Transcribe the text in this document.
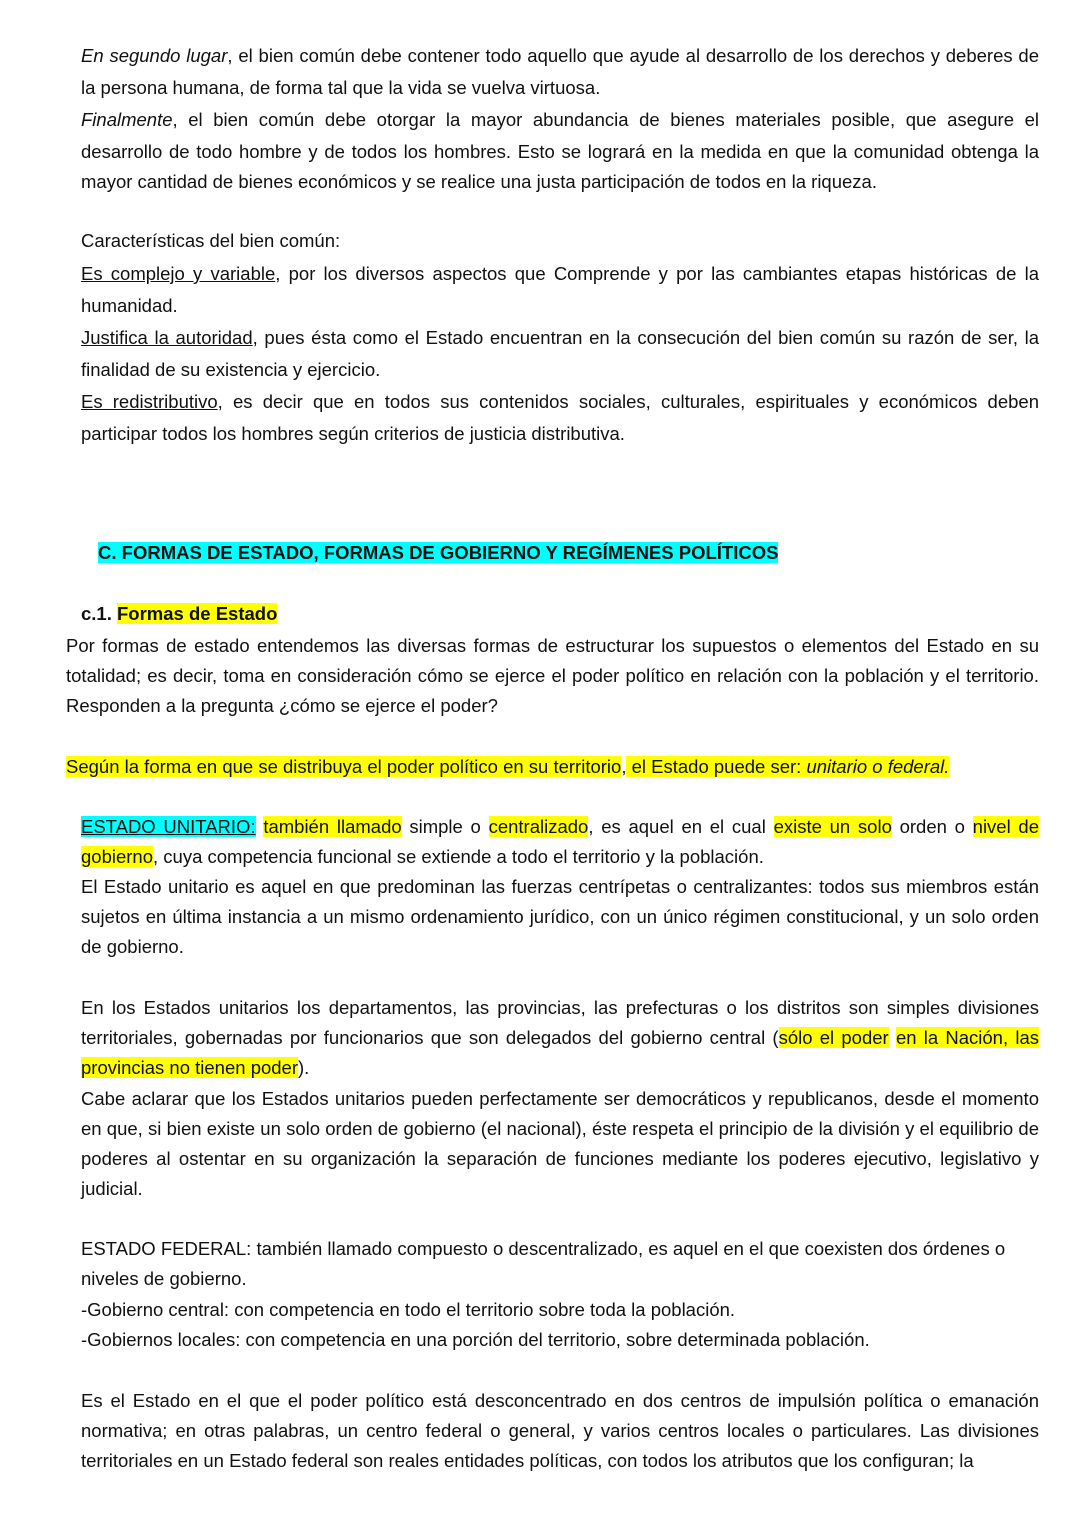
En segundo lugar, el bien común debe contener todo aquello que ayude al desarrollo de los derechos y deberes de la persona humana, de forma tal que la vida se vuelva virtuosa.

Finalmente, el bien común debe otorgar la mayor abundancia de bienes materiales posible, que asegure el desarrollo de todo hombre y de todos los hombres. Esto se logrará en la medida en que la comunidad obtenga la mayor cantidad de bienes económicos y se realice una justa participación de todos en la riqueza.

Características del bien común:

Es complejo y variable, por los diversos aspectos que Comprende y por las cambiantes etapas históricas de la humanidad.

Justifica la autoridad, pues ésta como el Estado encuentran en la consecución del bien común su razón de ser, la finalidad de su existencia y ejercicio.

Es redistributivo, es decir que en todos sus contenidos sociales, culturales, espirituales y económicos deben participar todos los hombres según criterios de justicia distributiva.

C. FORMAS DE ESTADO, FORMAS DE GOBIERNO Y REGÍMENES POLÍTICOS

c.1. Formas de Estado

Por formas de estado entendemos las diversas formas de estructurar los supuestos o elementos del Estado en su totalidad; es decir, toma en consideración cómo se ejerce el poder político en relación con la población y el territorio. Responden a la pregunta ¿cómo se ejerce el poder?

Según la forma en que se distribuya el poder político en su territorio, el Estado puede ser: unitario o federal.

ESTADO UNITARIO: también llamado simple o centralizado, es aquel en el cual existe un solo orden o nivel de gobierno, cuya competencia funcional se extiende a todo el territorio y la población.

El Estado unitario es aquel en que predominan las fuerzas centrípetas o centralizantes: todos sus miembros están sujetos en última instancia a un mismo ordenamiento jurídico, con un único régimen constitucional, y un solo orden de gobierno.

En los Estados unitarios los departamentos, las provincias, las prefecturas o los distritos son simples divisiones territoriales, gobernadas por funcionarios que son delegados del gobierno central (sólo el poder en la Nación, las provincias no tienen poder).

Cabe aclarar que los Estados unitarios pueden perfectamente ser democráticos y republicanos, desde el momento en que, si bien existe un solo orden de gobierno (el nacional), éste respeta el principio de la división y el equilibrio de poderes al ostentar en su organización la separación de funciones mediante los poderes ejecutivo, legislativo y judicial.

ESTADO FEDERAL: también llamado compuesto o descentralizado, es aquel en el que coexisten dos órdenes o niveles de gobierno.

-Gobierno central: con competencia en todo el territorio sobre toda la población.

-Gobiernos locales: con competencia en una porción del territorio, sobre determinada población.

Es el Estado en el que el poder político está desconcentrado en dos centros de impulsión política o emanación normativa; en otras palabras, un centro federal o general, y varios centros locales o particulares. Las divisiones territoriales en un Estado federal son reales entidades políticas, con todos los atributos que los configuran; la
